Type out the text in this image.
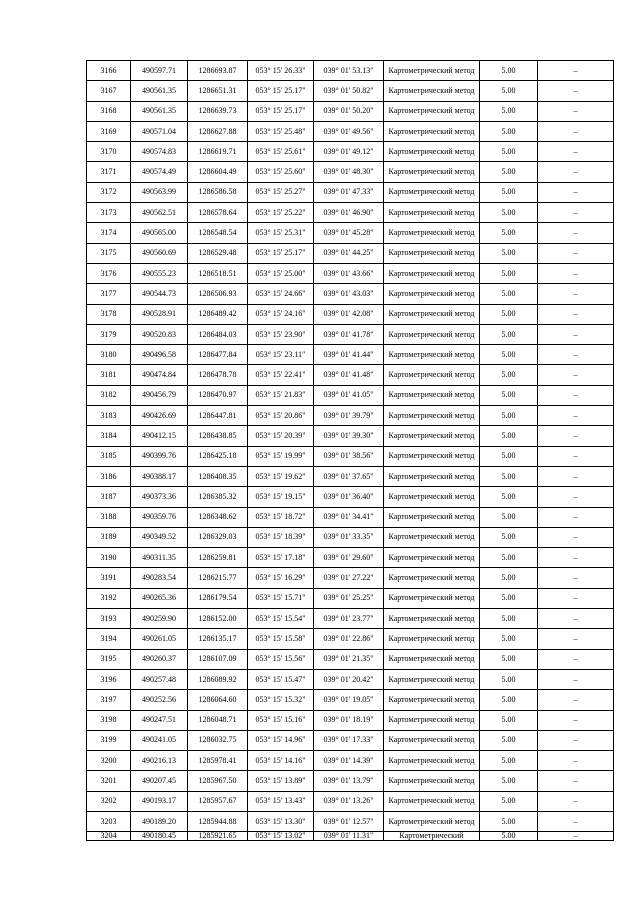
3166	490597.71	1286693.87	053° 15' 26.33"	039° 01' 53.13"	Картометрический метод	5.00	–
3167	490561.35	1286651.31	053° 15' 25.17"	039° 01' 50.82"	Картометрический метод	5.00	–
3168	490561.35	1286639.73	053° 15' 25.17"	039° 01' 50.20"	Картометрический метод	5.00	–
3169	490571.04	1286627.88	053° 15' 25.48"	039° 01' 49.56"	Картометрический метод	5.00	–
3170	490574.83	1286619.71	053° 15' 25.61"	039° 01' 49.12"	Картометрический метод	5.00	–
3171	490574.49	1286604.49	053° 15' 25.60"	039° 01' 48.30"	Картометрический метод	5.00	–
3172	490563.99	1286586.58	053° 15' 25.27"	039° 01' 47.33"	Картометрический метод	5.00	–
3173	490562.51	1286578.64	053° 15' 25.22"	039° 01' 46.90"	Картометрический метод	5.00	–
3174	490565.00	1286548.54	053° 15' 25.31"	039° 01' 45.28"	Картометрический метод	5.00	–
3175	490560.69	1286529.48	053° 15' 25.17"	039° 01' 44.25"	Картометрический метод	5.00	–
3176	490555.23	1286518.51	053° 15' 25.00"	039° 01' 43.66"	Картометрический метод	5.00	–
3177	490544.73	1286506.93	053° 15' 24.66"	039° 01' 43.03"	Картометрический метод	5.00	–
3178	490528.91	1286489.42	053° 15' 24.16"	039° 01' 42.08"	Картометрический метод	5.00	–
3179	490520.83	1286484.03	053° 15' 23.90"	039° 01' 41.78"	Картометрический метод	5.00	–
3180	490496.58	1286477.84	053° 15' 23.11"	039° 01' 41.44"	Картометрический метод	5.00	–
3181	490474.84	1286478.78	053° 15' 22.41"	039° 01' 41.48"	Картометрический метод	5.00	–
3182	490456.79	1286470.97	053° 15' 21.83"	039° 01' 41.05"	Картометрический метод	5.00	–
3183	490426.69	1286447.81	053° 15' 20.86"	039° 01' 39.79"	Картометрический метод	5.00	–
3184	490412.15	1286438.85	053° 15' 20.39"	039° 01' 39.30"	Картометрический метод	5.00	–
3185	490399.76	1286425.18	053° 15' 19.99"	039° 01' 38.56"	Картометрический метод	5.00	–
3186	490388.17	1286408.35	053° 15' 19.62"	039° 01' 37.65"	Картометрический метод	5.00	–
3187	490373.36	1286385.32	053° 15' 19.15"	039° 01' 36.40"	Картометрический метод	5.00	–
3188	490359.76	1286348.62	053° 15' 18.72"	039° 01' 34.41"	Картометрический метод	5.00	–
3189	490349.52	1286329.03	053° 15' 18.39"	039° 01' 33.35"	Картометрический метод	5.00	–
3190	490311.35	1286259.81	053° 15' 17.18"	039° 01' 29.60"	Картометрический метод	5.00	–
3191	490283.54	1286215.77	053° 15' 16.29"	039° 01' 27.22"	Картометрический метод	5.00	–
3192	490265.36	1286179.54	053° 15' 15.71"	039° 01' 25.25"	Картометрический метод	5.00	–
3193	490259.90	1286152.00	053° 15' 15.54"	039° 01' 23.77"	Картометрический метод	5.00	–
3194	490261.05	1286135.17	053° 15' 15.58"	039° 01' 22.86"	Картометрический метод	5.00	–
3195	490260.37	1286107.09	053° 15' 15.56"	039° 01' 21.35"	Картометрический метод	5.00	–
3196	490257.48	1286089.92	053° 15' 15.47"	039° 01' 20.42"	Картометрический метод	5.00	–
3197	490252.56	1286064.60	053° 15' 15.32"	039° 01' 19.05"	Картометрический метод	5.00	–
3198	490247.51	1286048.71	053° 15' 15.16"	039° 01' 18.19"	Картометрический метод	5.00	–
3199	490241.05	1286032.75	053° 15' 14.96"	039° 01' 17.33"	Картометрический метод	5.00	–
3200	490216.13	1285978.41	053° 15' 14.16"	039° 01' 14.39"	Картометрический метод	5.00	–
3201	490207.45	1285967.50	053° 15' 13.89"	039° 01' 13.79"	Картометрический метод	5.00	–
3202	490193.17	1285957.67	053° 15' 13.43"	039° 01' 13.26"	Картометрический метод	5.00	–
3203	490189.20	1285944.88	053° 15' 13.30"	039° 01' 12.57"	Картометрический метод	5.00	–
3204	490180.45	1285921.65	053° 15' 13.02"	039° 01' 11.31"	Картометрический	5.00	–
